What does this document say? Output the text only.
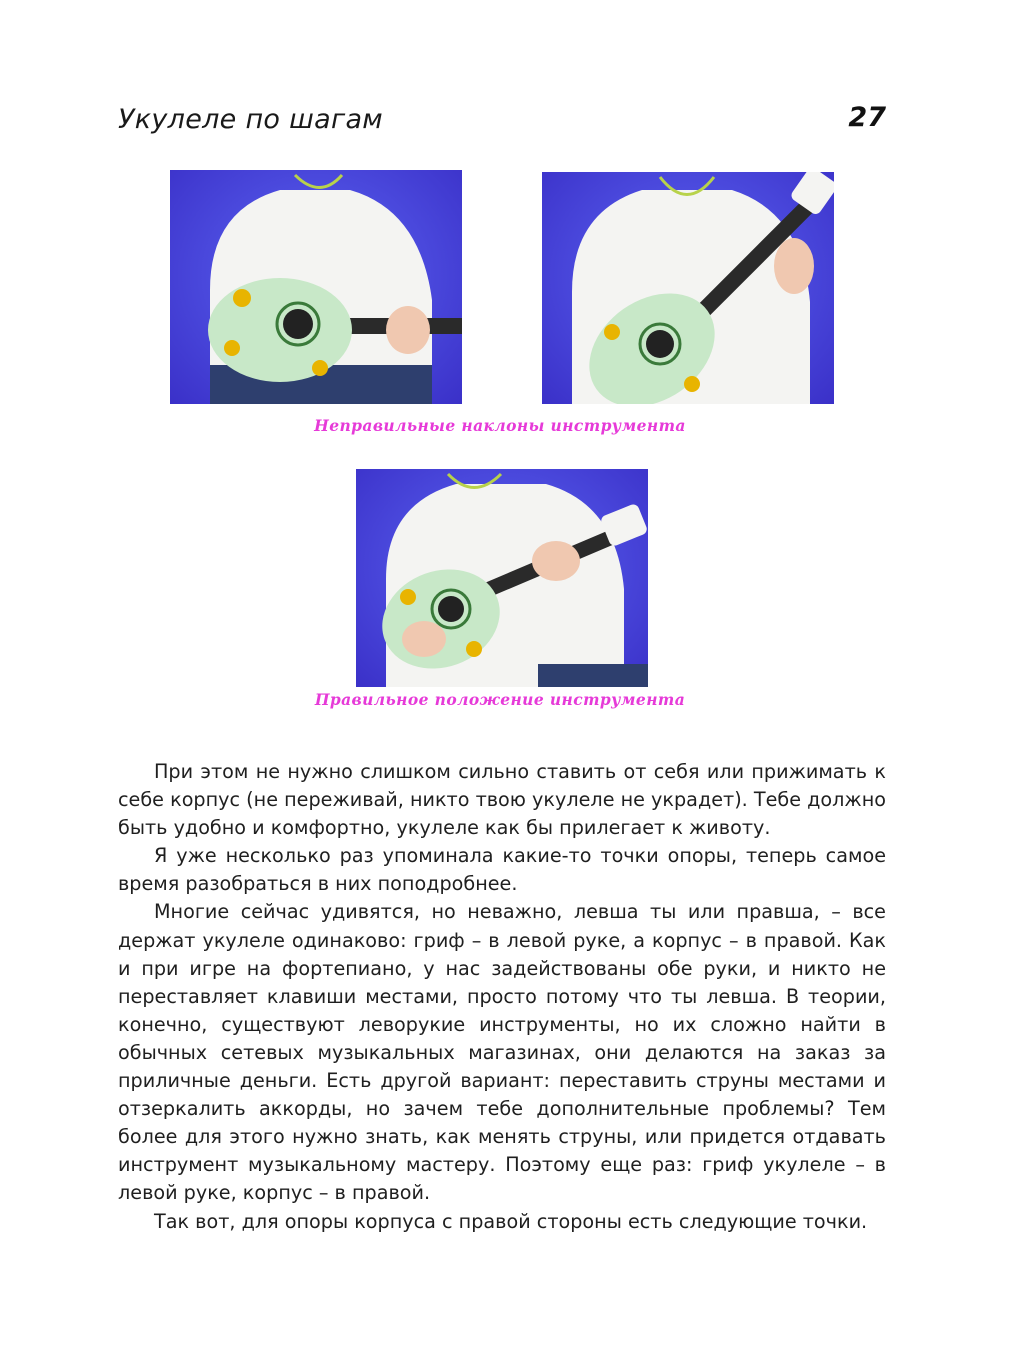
Укулеле по шагам	27
Неправильные наклоны инструмента
Правильное положение инструмента

При этом не нужно слишком сильно ставить от себя или прижимать к себе корпус (не переживай, никто твою укулеле не украдет). Тебе должно быть удобно и комфортно, укулеле как бы прилегает к животу.

Я уже несколько раз упоминала какие-то точки опоры, теперь самое время разобраться в них поподробнее.

Многие сейчас удивятся, но неважно, левша ты или правша, – все держат укулеле одинаково: гриф – в левой руке, а корпус – в правой. Как и при игре на фортепиано, у нас задействованы обе руки, и никто не переставляет клавиши местами, просто потому что ты левша. В теории, конечно, существуют леворукие инструменты, но их сложно найти в обычных сетевых музыкальных магазинах, они делаются на заказ за приличные деньги. Есть другой вариант: переставить струны местами и отзеркалить аккорды, но зачем тебе дополнительные проблемы? Тем более для этого нужно знать, как менять струны, или придется отдавать инструмент музыкальному мастеру. Поэтому еще раз: гриф укулеле – в левой руке, корпус – в правой.

Так вот, для опоры корпуса с правой стороны есть следующие точки.
